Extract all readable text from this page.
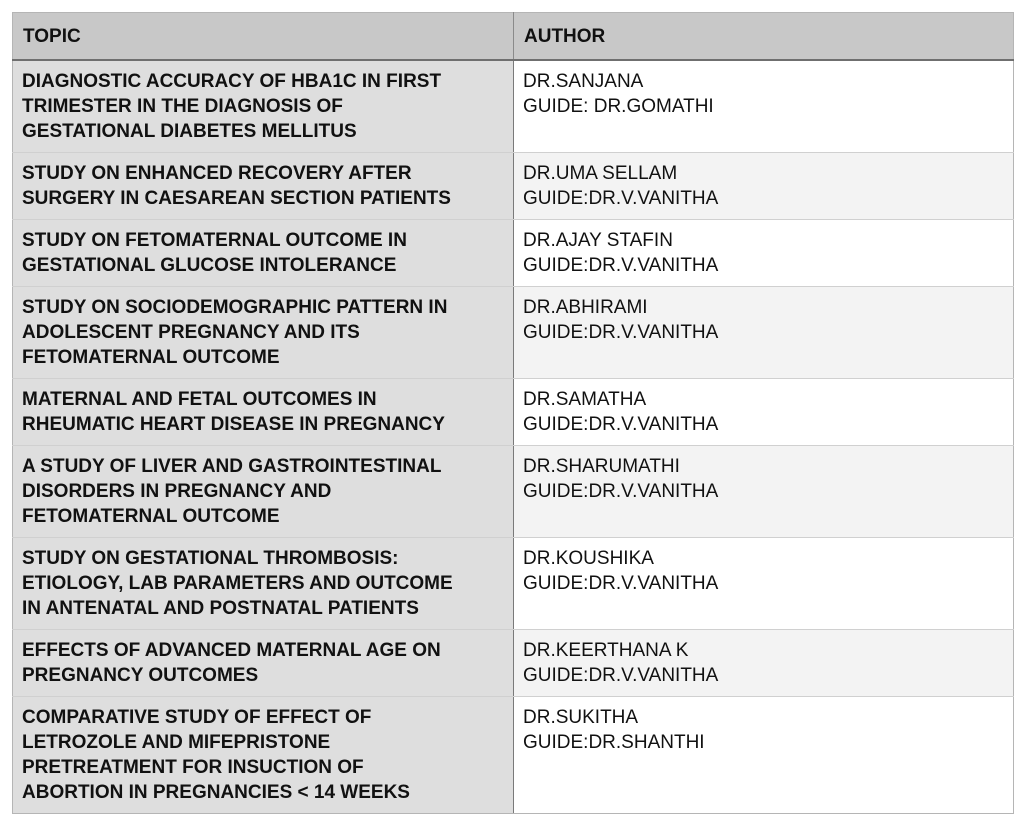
TOPIC	AUTHOR

DIAGNOSTIC ACCURACY OF HBA1C IN FIRST
TRIMESTER IN THE DIAGNOSIS OF
GESTATIONAL DIABETES MELLITUS	DR.SANJANA
GUIDE: DR.GOMATHI

STUDY ON ENHANCED RECOVERY AFTER
SURGERY IN CAESAREAN SECTION PATIENTS	DR.UMA SELLAM
GUIDE:DR.V.VANITHA

STUDY ON FETOMATERNAL OUTCOME IN
GESTATIONAL GLUCOSE INTOLERANCE	DR.AJAY STAFIN
GUIDE:DR.V.VANITHA

STUDY ON SOCIODEMOGRAPHIC PATTERN IN
ADOLESCENT PREGNANCY AND ITS
FETOMATERNAL OUTCOME	DR.ABHIRAMI
GUIDE:DR.V.VANITHA

MATERNAL AND FETAL OUTCOMES IN
RHEUMATIC HEART DISEASE IN PREGNANCY	DR.SAMATHA
GUIDE:DR.V.VANITHA

A STUDY OF LIVER AND GASTROINTESTINAL
DISORDERS IN PREGNANCY AND
FETOMATERNAL OUTCOME	DR.SHARUMATHI
GUIDE:DR.V.VANITHA

STUDY ON GESTATIONAL THROMBOSIS:
ETIOLOGY, LAB PARAMETERS AND OUTCOME
IN ANTENATAL AND POSTNATAL PATIENTS	DR.KOUSHIKA
GUIDE:DR.V.VANITHA

EFFECTS OF ADVANCED MATERNAL AGE ON
PREGNANCY OUTCOMES	DR.KEERTHANA K
GUIDE:DR.V.VANITHA

COMPARATIVE STUDY OF EFFECT OF
LETROZOLE AND MIFEPRISTONE
PRETREATMENT FOR INSUCTION OF
ABORTION IN PREGNANCIES < 14 WEEKS	DR.SUKITHA
GUIDE:DR.SHANTHI
